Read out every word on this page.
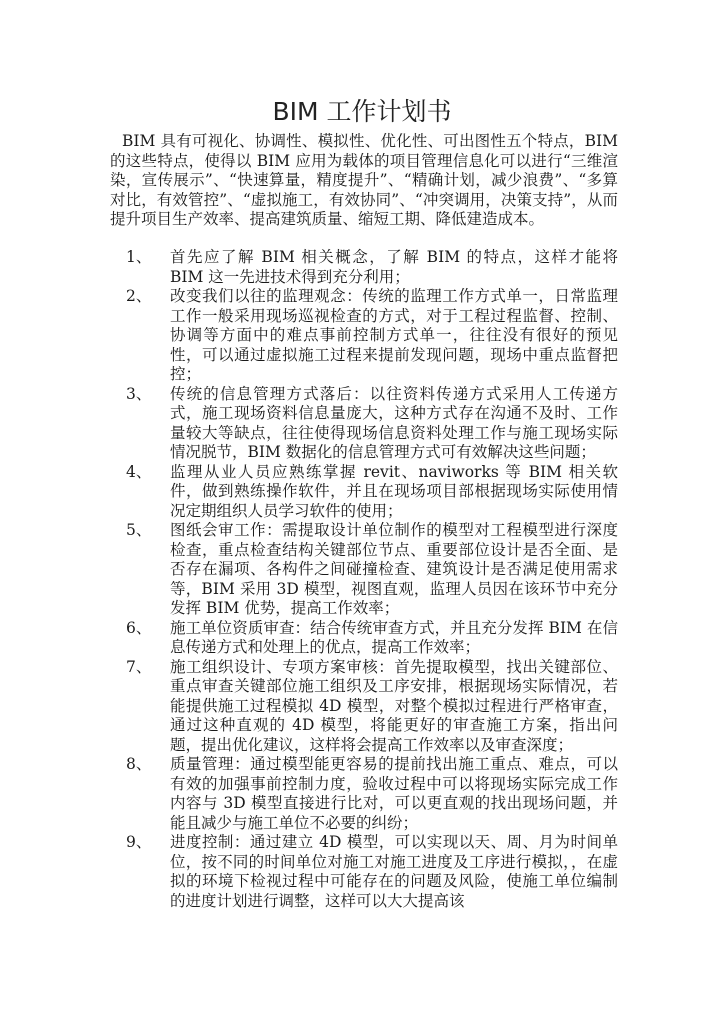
BIM 工作计划书
BIM 具有可视化、协调性、模拟性、优化性、可出图性五个特点，BIM 的这些特点，使得以 BIM 应用为载体的项目管理信息化可以进行“三维渲染，宣传展示”、“快速算量，精度提升”、“精确计划，减少浪费”、“多算对比，有效管控”、“虚拟施工，有效协同”、“冲突调用，决策支持”，从而提升项目生产效率、提高建筑质量、缩短工期、降低建造成本。
1、	首先应了解 BIM 相关概念，了解 BIM 的特点，这样才能将 BIM 这一先进技术得到充分利用；
2、	改变我们以往的监理观念：传统的监理工作方式单一，日常监理工作一般采用现场巡视检查的方式，对于工程过程监督、控制、协调等方面中的难点事前控制方式单一，往往没有很好的预见性，可以通过虚拟施工过程来提前发现问题，现场中重点监督把控；
3、	传统的信息管理方式落后：以往资料传递方式采用人工传递方式，施工现场资料信息量庞大，这种方式存在沟通不及时、工作量较大等缺点，往往使得现场信息资料处理工作与施工现场实际情况脱节，BIM 数据化的信息管理方式可有效解决这些问题；
4、	监理从业人员应熟练掌握 revit、naviworks 等 BIM 相关软件，做到熟练操作软件，并且在现场项目部根据现场实际使用情况定期组织人员学习软件的使用；
5、	图纸会审工作：需提取设计单位制作的模型对工程模型进行深度检查，重点检查结构关键部位节点、重要部位设计是否全面、是否存在漏项、各构件之间碰撞检查、建筑设计是否满足使用需求等，BIM 采用 3D 模型，视图直观，监理人员因在该环节中充分发挥 BIM 优势，提高工作效率；
6、	施工单位资质审查：结合传统审查方式，并且充分发挥 BIM 在信息传递方式和处理上的优点，提高工作效率；
7、	施工组织设计、专项方案审核：首先提取模型，找出关键部位、重点审查关键部位施工组织及工序安排，根据现场实际情况，若能提供施工过程模拟 4D 模型，对整个模拟过程进行严格审查，通过这种直观的 4D 模型，将能更好的审查施工方案，指出问题，提出优化建议，这样将会提高工作效率以及审查深度；
8、	质量管理：通过模型能更容易的提前找出施工重点、难点，可以有效的加强事前控制力度，验收过程中可以将现场实际完成工作内容与 3D 模型直接进行比对，可以更直观的找出现场问题，并能且减少与施工单位不必要的纠纷；
9、	进度控制：通过建立 4D 模型，可以实现以天、周、月为时间单位，按不同的时间单位对施工对施工进度及工序进行模拟，，在虚拟的环境下检视过程中可能存在的问题及风险，使施工单位编制的进度计划进行调整，这样可以大大提高该
